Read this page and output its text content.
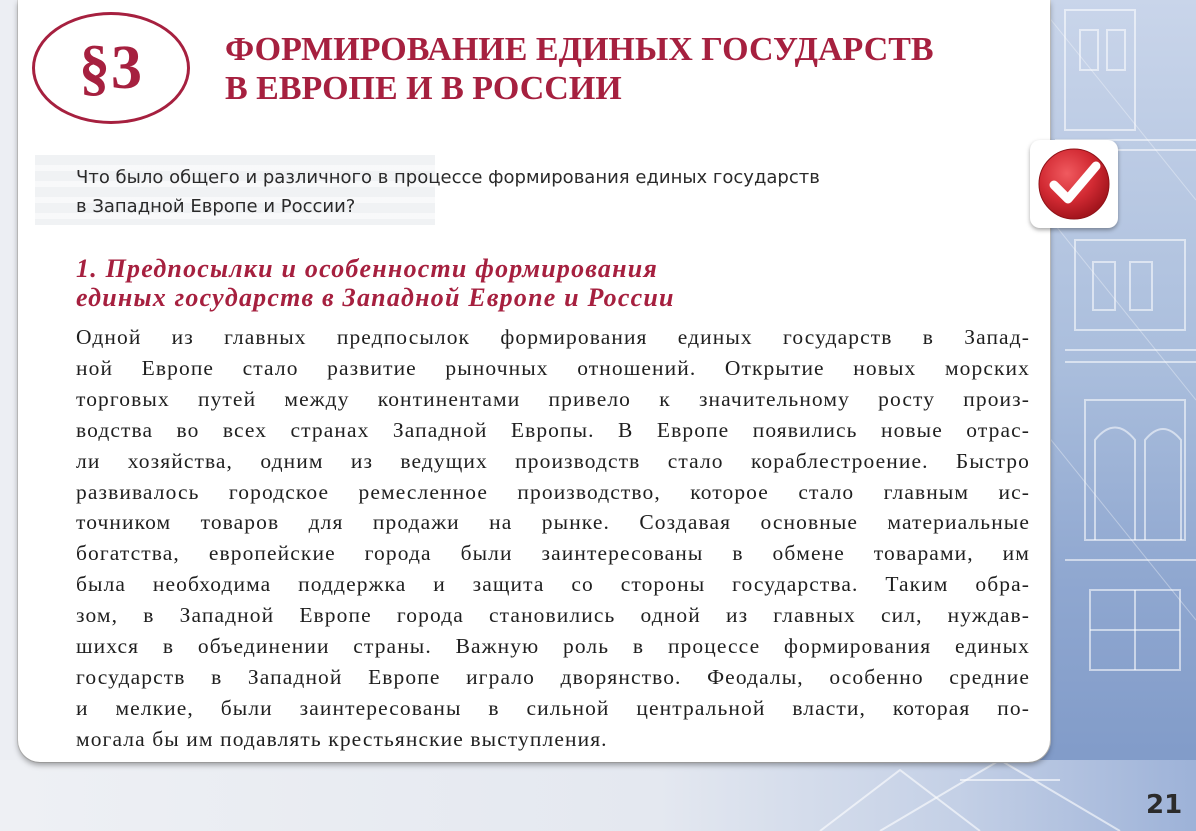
§3 ФОРМИРОВАНИЕ ЕДИНЫХ ГОСУДАРСТВ
В ЕВРОПЕ И В РОССИИ

Что было общего и различного в процессе формирования единых государств
в Западной Европе и России?

1. Предпосылки и особенности формирования
единых государств в Западной Европе и России

Одной из главных предпосылок формирования единых государств в Запад-
ной Европе стало развитие рыночных отношений. Открытие новых морских
торговых путей между континентами привело к значительному росту произ-
водства во всех странах Западной Европы. В Европе появились новые отрас-
ли хозяйства, одним из ведущих производств стало кораблестроение. Быстро
развивалось городское ремесленное производство, которое стало главным ис-
точником товаров для продажи на рынке. Создавая основные материальные
богатства, европейские города были заинтересованы в обмене товарами, им
была необходима поддержка и защита со стороны государства. Таким обра-
зом, в Западной Европе города становились одной из главных сил, нуждав-
шихся в объединении страны. Важную роль в процессе формирования единых
государств в Западной Европе играло дворянство. Феодалы, особенно средние
и мелкие, были заинтересованы в сильной центральной власти, которая по-
могала бы им подавлять крестьянские выступления.

21
